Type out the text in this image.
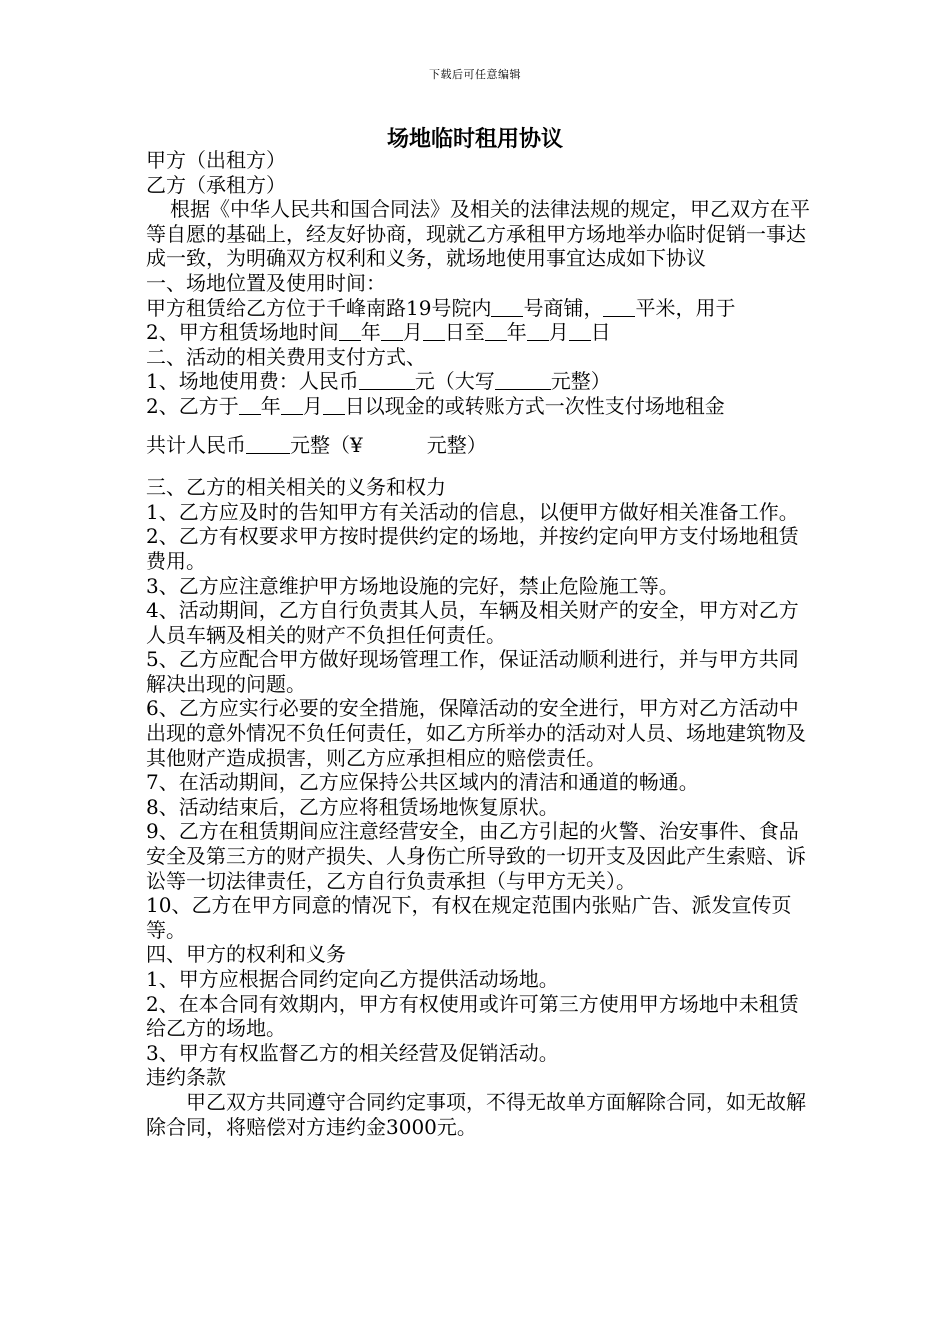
下载后可任意编辑
场地临时租用协议

甲方（出租方）

乙方（承租方）

根据《中华人民共和国合同法》及相关的法律法规的规定，甲乙双方在平等自愿的基础上，经友好协商，现就乙方承租甲方场地举办临时促销一事达成一致，为明确双方权利和义务，就场地使用事宜达成如下协议

一、场地位置及使用时间：

甲方租赁给乙方位于千峰南路19号院内 号商铺， 平米，用于

2、甲方租赁场地时间 年 月 日至 年 月 日

二、活动的相关费用支付方式、

1、场地使用费：人民币	元（大写	元整）

2、乙方于 年 月 日以现金的或转账方式一次性支付场地租金

共计人民币 元整（¥	元整）

三、乙方的相关相关的义务和权力

1、乙方应及时的告知甲方有关活动的信息，以便甲方做好相关准备工作。

2、乙方有权要求甲方按时提供约定的场地，并按约定向甲方支付场地租赁费用。

3、乙方应注意维护甲方场地设施的完好，禁止危险施工等。

4、活动期间，乙方自行负责其人员，车辆及相关财产的安全，甲方对乙方人员车辆及相关的财产不负担任何责任。

5、乙方应配合甲方做好现场管理工作，保证活动顺利进行，并与甲方共同解决出现的问题。

6、乙方应实行必要的安全措施，保障活动的安全进行，甲方对乙方活动中出现的意外情况不负任何责任，如乙方所举办的活动对人员、场地建筑物及其他财产造成损害，则乙方应承担相应的赔偿责任。

7、在活动期间，乙方应保持公共区域内的清洁和通道的畅通。

8、活动结束后，乙方应将租赁场地恢复原状。

9、乙方在租赁期间应注意经营安全，由乙方引起的火警、治安事件、食品安全及第三方的财产损失、人身伤亡所导致的一切开支及因此产生索赔、诉讼等一切法律责任，乙方自行负责承担（与甲方无关）。

10、乙方在甲方同意的情况下，有权在规定范围内张贴广告、派发宣传页等。

四、甲方的权利和义务

1、甲方应根据合同约定向乙方提供活动场地。

2、在本合同有效期内，甲方有权使用或许可第三方使用甲方场地中未租赁给乙方的场地。

3、甲方有权监督乙方的相关经营及促销活动。

违约条款

甲乙双方共同遵守合同约定事项，不得无故单方面解除合同，如无故解除合同，将赔偿对方违约金3000元。
